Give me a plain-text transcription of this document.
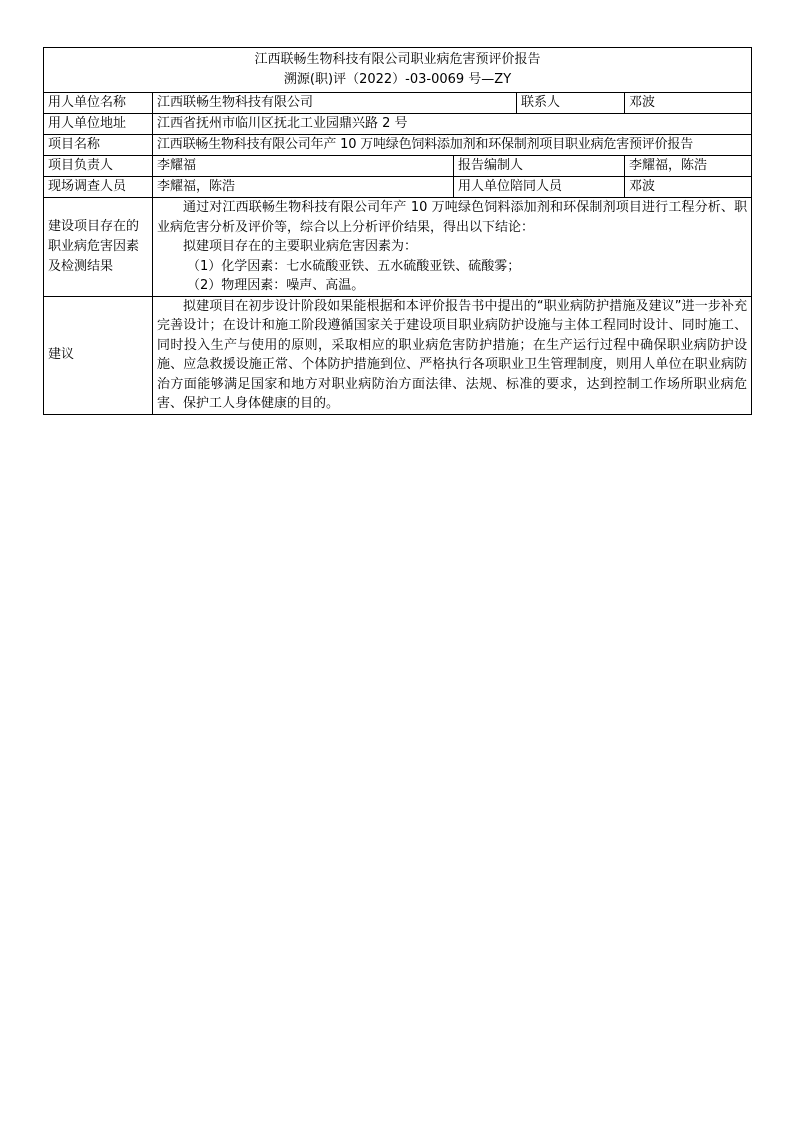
江西联畅生物科技有限公司职业病危害预评价报告
溯源(职)评（2022）-03-0069 号—ZY				

用人单位名称	江西联畅生物科技有限公司		联系人	邓波
用人单位地址	江西省抚州市临川区抚北工业园鼎兴路 2 号			
项目名称	江西联畅生物科技有限公司年产 10 万吨绿色饲料添加剂和环保制剂项目职业病危害预评价报告			
项目负责人	李耀福	报告编制人		李耀福，陈浩
现场调查人员	李耀福，陈浩	用人单位陪同人员		邓波
建设项目存在的职业病危害因素及检测结果	通过对江西联畅生物科技有限公司年产 10 万吨绿色饲料添加剂和环保制剂项目进行工程分析、职业病危害分析及评价等，综合以上分析评价结果，得出以下结论：

拟建项目存在的主要职业病危害因素为：

（1）化学因素：七水硫酸亚铁、五水硫酸亚铁、硫酸雾；

（2）物理因素：噪声、高温。			

建议	拟建项目在初步设计阶段如果能根据和本评价报告书中提出的“职业病防护措施及建议”进一步补充完善设计；在设计和施工阶段遵循国家关于建设项目职业病防护设施与主体工程同时设计、同时施工、同时投入生产与使用的原则，采取相应的职业病危害防护措施；在生产运行过程中确保职业病防护设施、应急救援设施正常、个体防护措施到位、严格执行各项职业卫生管理制度，则用人单位在职业病防治方面能够满足国家和地方对职业病防治方面法律、法规、标准的要求，达到控制工作场所职业病危害、保护工人身体健康的目的。			
